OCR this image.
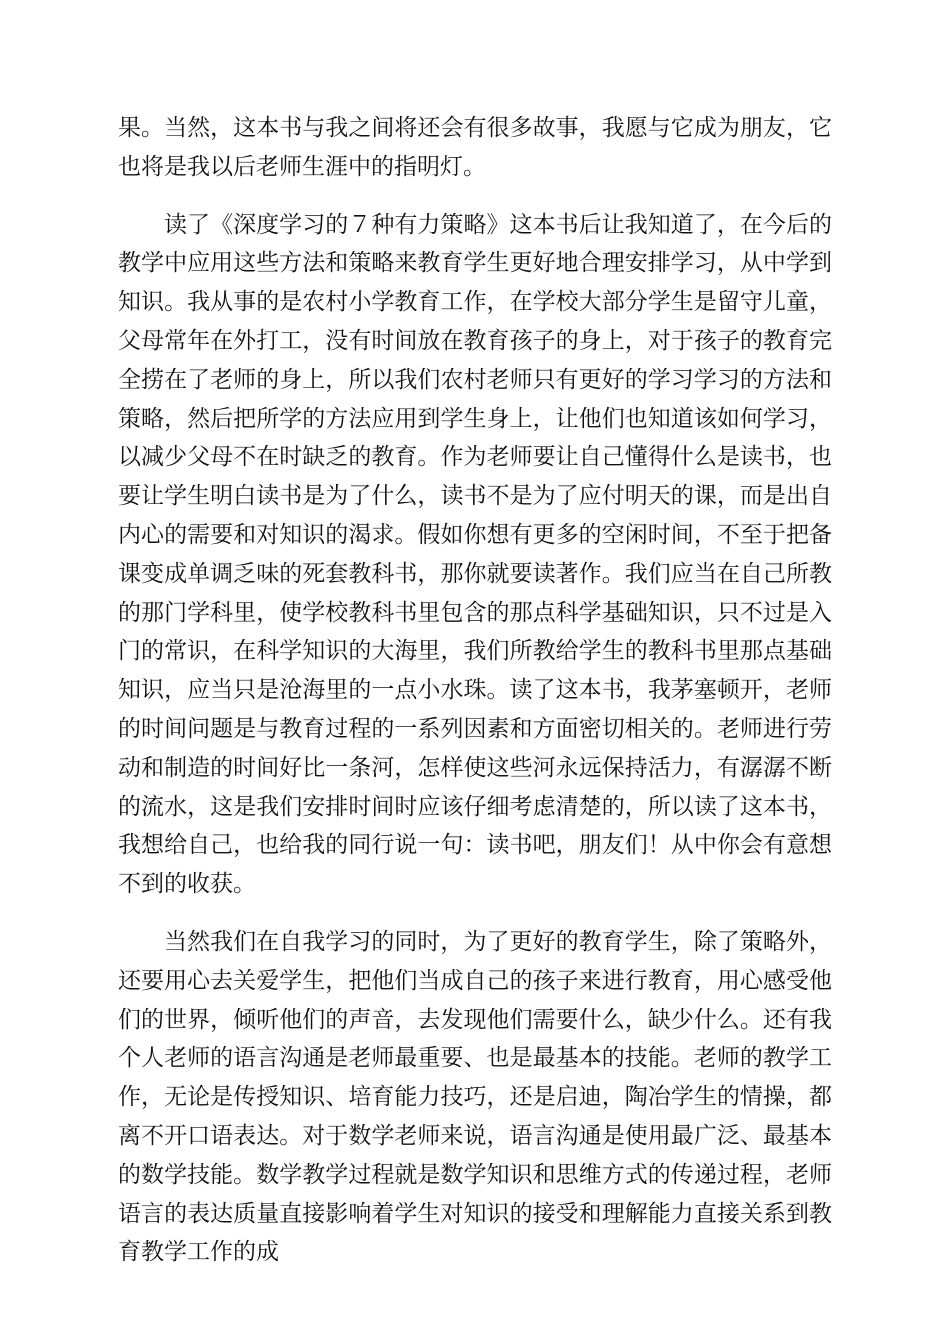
果。当然，这本书与我之间将还会有很多故事，我愿与它成为朋友，它也将是我以后老师生涯中的指明灯。

读了《深度学习的７种有力策略》这本书后让我知道了，在今后的教学中应用这些方法和策略来教育学生更好地合理安排学习，从中学到知识。我从事的是农村小学教育工作，在学校大部分学生是留守儿童，父母常年在外打工，没有时间放在教育孩子的身上，对于孩子的教育完全捞在了老师的身上，所以我们农村老师只有更好的学习学习的方法和策略，然后把所学的方法应用到学生身上，让他们也知道该如何学习，以减少父母不在时缺乏的教育。作为老师要让自己懂得什么是读书，也要让学生明白读书是为了什么，读书不是为了应付明天的课，而是出自内心的需要和对知识的渴求。假如你想有更多的空闲时间，不至于把备课变成单调乏味的死套教科书，那你就要读著作。我们应当在自己所教的那门学科里，使学校教科书里包含的那点科学基础知识，只不过是入门的常识，在科学知识的大海里，我们所教给学生的教科书里那点基础知识，应当只是沧海里的一点小水珠。读了这本书，我茅塞顿开，老师的时间问题是与教育过程的一系列因素和方面密切相关的。老师进行劳动和制造的时间好比一条河，怎样使这些河永远保持活力，有潺潺不断的流水，这是我们安排时间时应该仔细考虑清楚的，所以读了这本书，我想给自己，也给我的同行说一句：读书吧，朋友们！从中你会有意想不到的收获。

当然我们在自我学习的同时，为了更好的教育学生，除了策略外，还要用心去关爱学生，把他们当成自己的孩子来进行教育，用心感受他们的世界，倾听他们的声音，去发现他们需要什么，缺少什么。还有我个人老师的语言沟通是老师最重要、也是最基本的技能。老师的教学工作，无论是传授知识、培育能力技巧，还是启迪，陶冶学生的情操，都离不开口语表达。对于数学老师来说，语言沟通是使用最广泛、最基本的数学技能。数学教学过程就是数学知识和思维方式的传递过程，老师语言的表达质量直接影响着学生对知识的接受和理解能力直接关系到教育教学工作的成
